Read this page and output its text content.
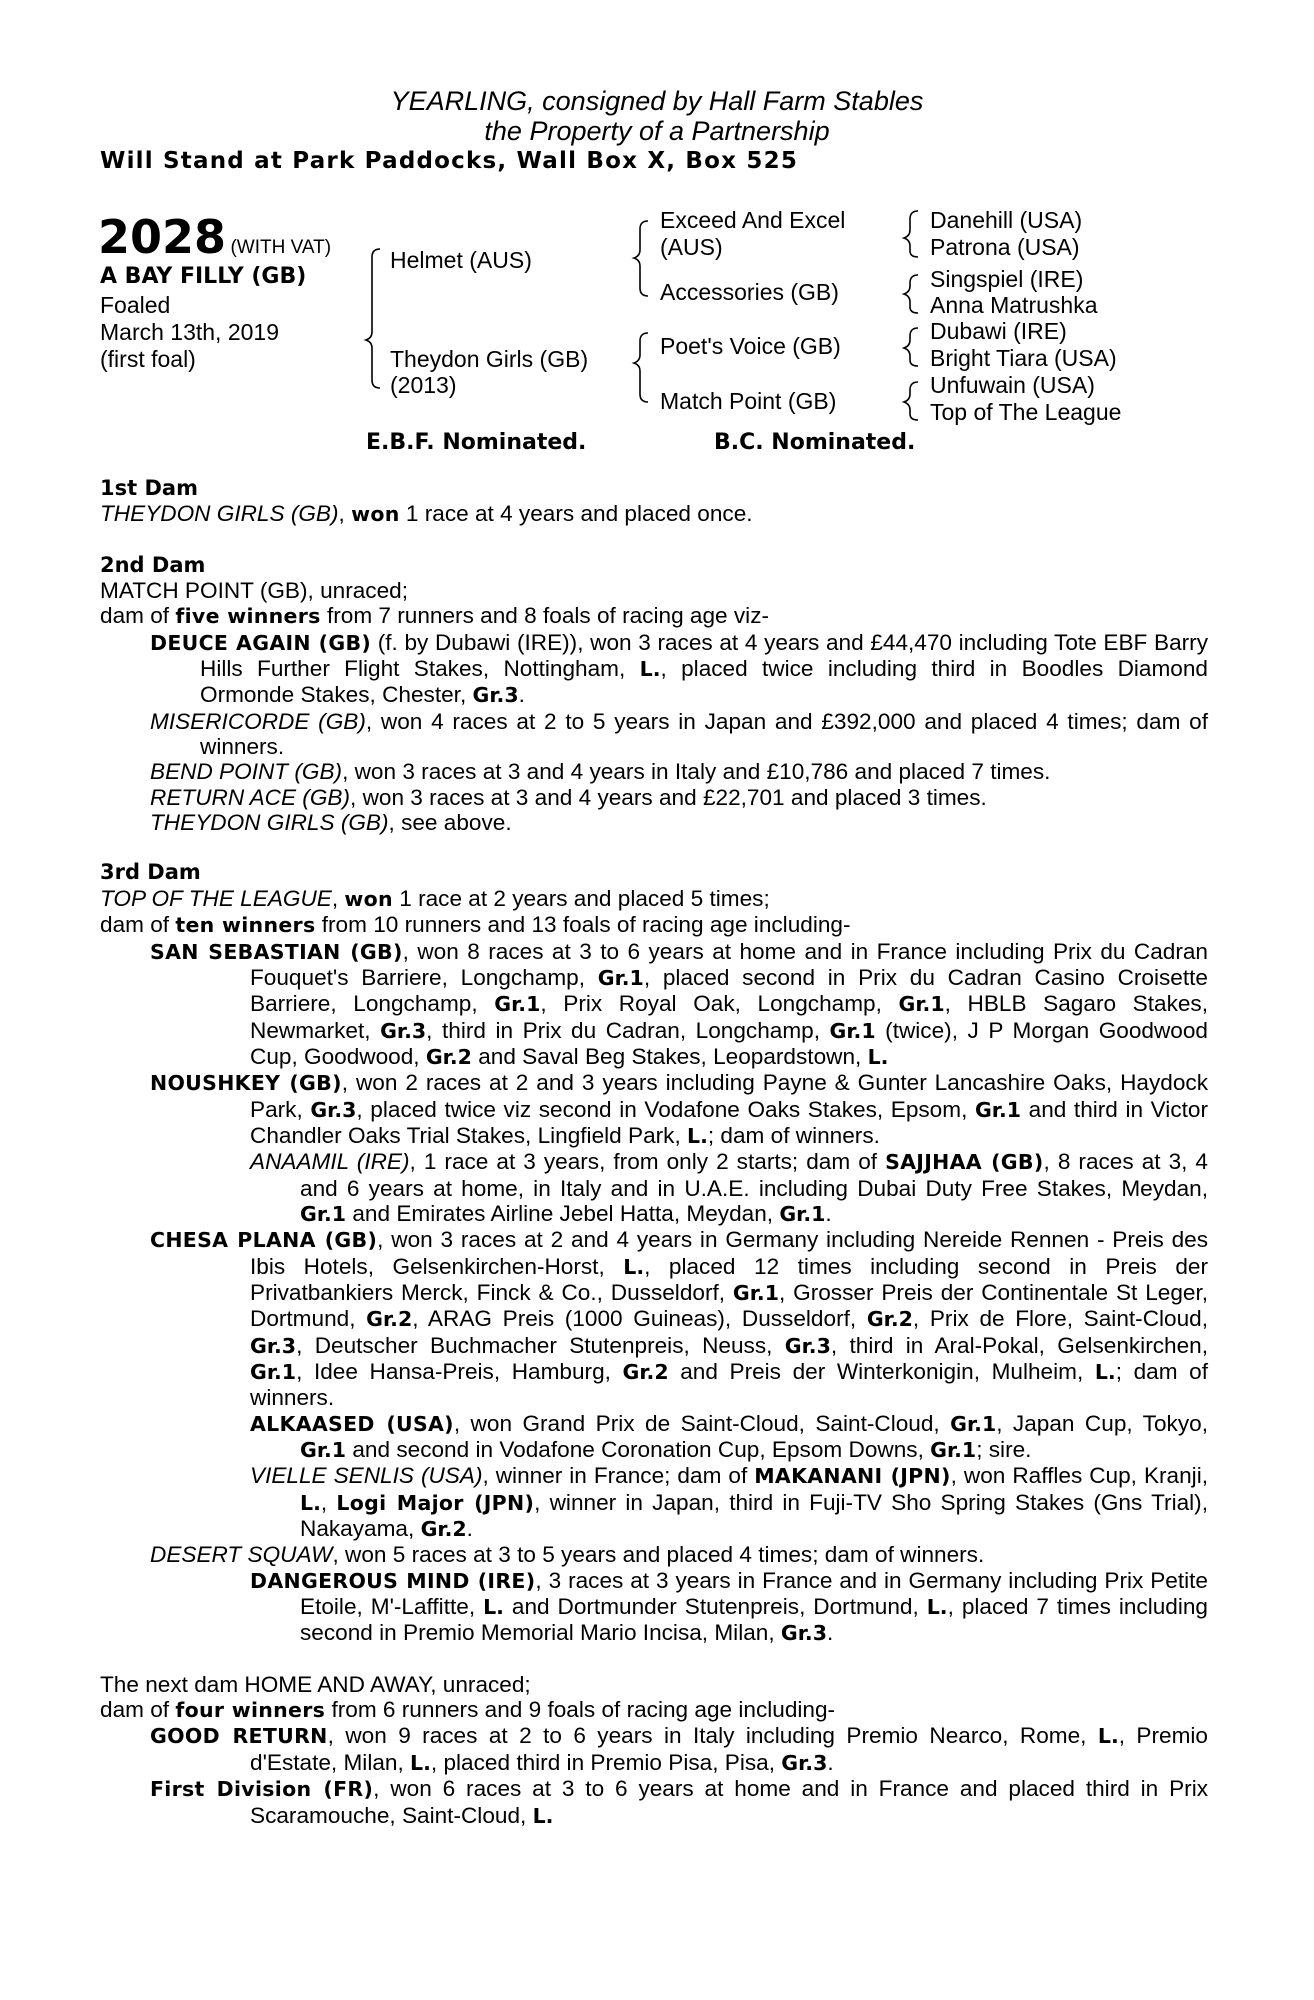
YEARLING, consigned by Hall Farm Stables
the Property of a Partnership
Will Stand at Park Paddocks, Wall Box X, Box 525
2028 (WITH VAT)
A BAY FILLY (GB)
Foaled
March 13th, 2019
(first foal)
Helmet (AUS)
Theydon Girls (GB)
(2013)
Exceed And Excel
(AUS)
Accessories (GB)
Poet's Voice (GB)
Match Point (GB)
Danehill (USA)
Patrona (USA)
Singspiel (IRE)
Anna Matrushka
Dubawi (IRE)
Bright Tiara (USA)
Unfuwain (USA)
Top of The League
E.B.F. Nominated.	B.C. Nominated.

1st Dam

THEYDON GIRLS (GB), won 1 race at 4 years and placed once.

2nd Dam

MATCH POINT (GB), unraced;

dam of five winners from 7 runners and 8 foals of racing age viz-

DEUCE AGAIN (GB) (f. by Dubawi (IRE)), won 3 races at 4 years and £44,470 including Tote EBF Barry Hills Further Flight Stakes, Nottingham, L., placed twice including third in Boodles Diamond Ormonde Stakes, Chester, Gr.3.

MISERICORDE (GB), won 4 races at 2 to 5 years in Japan and £392,000 and placed 4 times; dam of winners.

BEND POINT (GB), won 3 races at 3 and 4 years in Italy and £10,786 and placed 7 times.

RETURN ACE (GB), won 3 races at 3 and 4 years and £22,701 and placed 3 times.

THEYDON GIRLS (GB), see above.

3rd Dam

TOP OF THE LEAGUE, won 1 race at 2 years and placed 5 times;

dam of ten winners from 10 runners and 13 foals of racing age including-

SAN SEBASTIAN (GB), won 8 races at 3 to 6 years at home and in France including Prix du Cadran Fouquet's Barriere, Longchamp, Gr.1, placed second in Prix du Cadran Casino Croisette Barriere, Longchamp, Gr.1, Prix Royal Oak, Longchamp, Gr.1, HBLB Sagaro Stakes, Newmarket, Gr.3, third in Prix du Cadran, Longchamp, Gr.1 (twice), J P Morgan Goodwood Cup, Goodwood, Gr.2 and Saval Beg Stakes, Leopardstown, L.

NOUSHKEY (GB), won 2 races at 2 and 3 years including Payne & Gunter Lancashire Oaks, Haydock Park, Gr.3, placed twice viz second in Vodafone Oaks Stakes, Epsom, Gr.1 and third in Victor Chandler Oaks Trial Stakes, Lingfield Park, L.; dam of winners.

ANAAMIL (IRE), 1 race at 3 years, from only 2 starts; dam of SAJJHAA (GB), 8 races at 3, 4 and 6 years at home, in Italy and in U.A.E. including Dubai Duty Free Stakes, Meydan, Gr.1 and Emirates Airline Jebel Hatta, Meydan, Gr.1.

CHESA PLANA (GB), won 3 races at 2 and 4 years in Germany including Nereide Rennen - Preis des Ibis Hotels, Gelsenkirchen-Horst, L., placed 12 times including second in Preis der Privatbankiers Merck, Finck & Co., Dusseldorf, Gr.1, Grosser Preis der Continentale St Leger, Dortmund, Gr.2, ARAG Preis (1000 Guineas), Dusseldorf, Gr.2, Prix de Flore, Saint-Cloud, Gr.3, Deutscher Buchmacher Stutenpreis, Neuss, Gr.3, third in Aral-Pokal, Gelsenkirchen, Gr.1, Idee Hansa-Preis, Hamburg, Gr.2 and Preis der Winterkonigin, Mulheim, L.; dam of winners.

ALKAASED (USA), won Grand Prix de Saint-Cloud, Saint-Cloud, Gr.1, Japan Cup, Tokyo, Gr.1 and second in Vodafone Coronation Cup, Epsom Downs, Gr.1; sire.

VIELLE SENLIS (USA), winner in France; dam of MAKANANI (JPN), won Raffles Cup, Kranji, L., Logi Major (JPN), winner in Japan, third in Fuji-TV Sho Spring Stakes (Gns Trial), Nakayama, Gr.2.

DESERT SQUAW, won 5 races at 3 to 5 years and placed 4 times; dam of winners.

DANGEROUS MIND (IRE), 3 races at 3 years in France and in Germany including Prix Petite Etoile, M'-Laffitte, L. and Dortmunder Stutenpreis, Dortmund, L., placed 7 times including second in Premio Memorial Mario Incisa, Milan, Gr.3.

The next dam HOME AND AWAY, unraced;

dam of four winners from 6 runners and 9 foals of racing age including-

GOOD RETURN, won 9 races at 2 to 6 years in Italy including Premio Nearco, Rome, L., Premio d'Estate, Milan, L., placed third in Premio Pisa, Pisa, Gr.3.

First Division (FR), won 6 races at 3 to 6 years at home and in France and placed third in Prix Scaramouche, Saint-Cloud, L.
